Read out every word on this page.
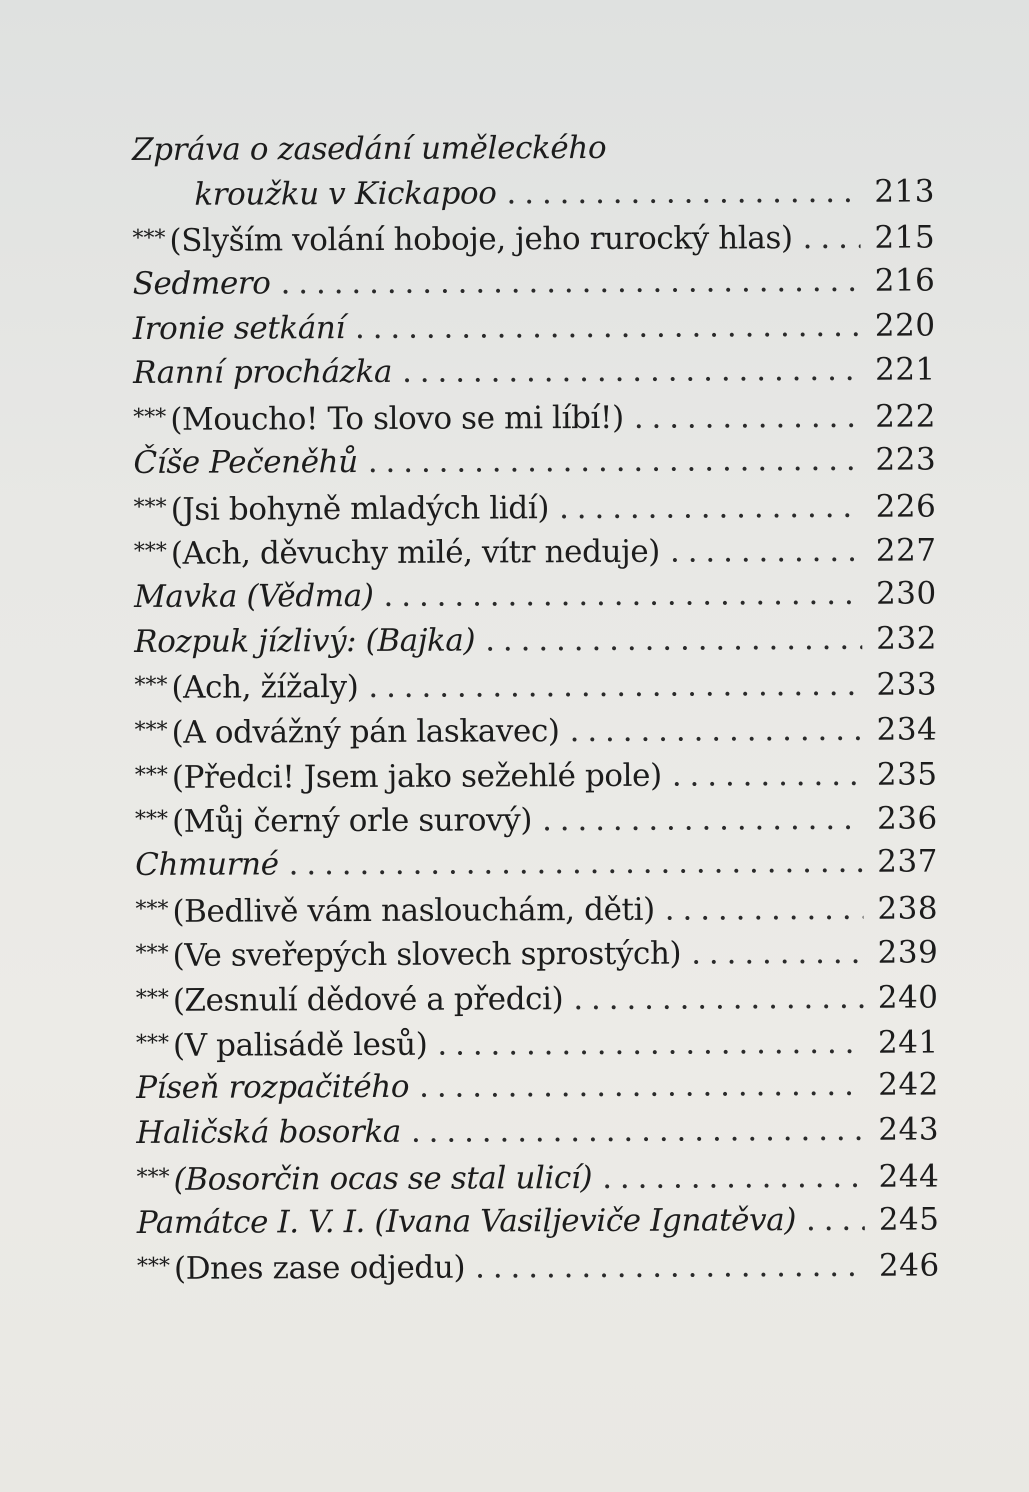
Zpráva o zasedání uměleckého
kroužku v Kickapoo . . .	213
*** (Slyším volání hoboje, jeho rurocký hlas) . . .	215
Sedmero . . .	216
Ironie setkání . . .	220
Ranní procházka . . .	221
*** (Moucho! To slovo se mi líbí!) . . .	222
Číše Pečeněhů . . .	223
*** (Jsi bohyně mladých lidí) . . .	226
*** (Ach, děvuchy milé, vítr neduje) . . .	227
Mavka (Vědma) . . .	230
Rozpuk jízlivý: (Bajka) . . .	232
*** (Ach, žížaly) . . .	233
*** (A odvážný pán laskavec) . . .	234
*** (Předci! Jsem jako sežehlé pole) . . .	235
*** (Můj černý orle surový) . . .	236
Chmurné . . .	237
*** (Bedlivě vám naslouchám, děti) . . .	238
*** (Ve sveřepých slovech sprostých) . . .	239
*** (Zesnulí dědové a předci) . . .	240
*** (V palisádě lesů) . . .	241
Píseň rozpačitého . . .	242
Haličská bosorka . . .	243
*** (Bosorčin ocas se stal ulicí) . . .	244
Památce I. V. I. (Ivana Vasiljeviče Ignatěva) . . .	245
*** (Dnes zase odjedu) . . .	246
